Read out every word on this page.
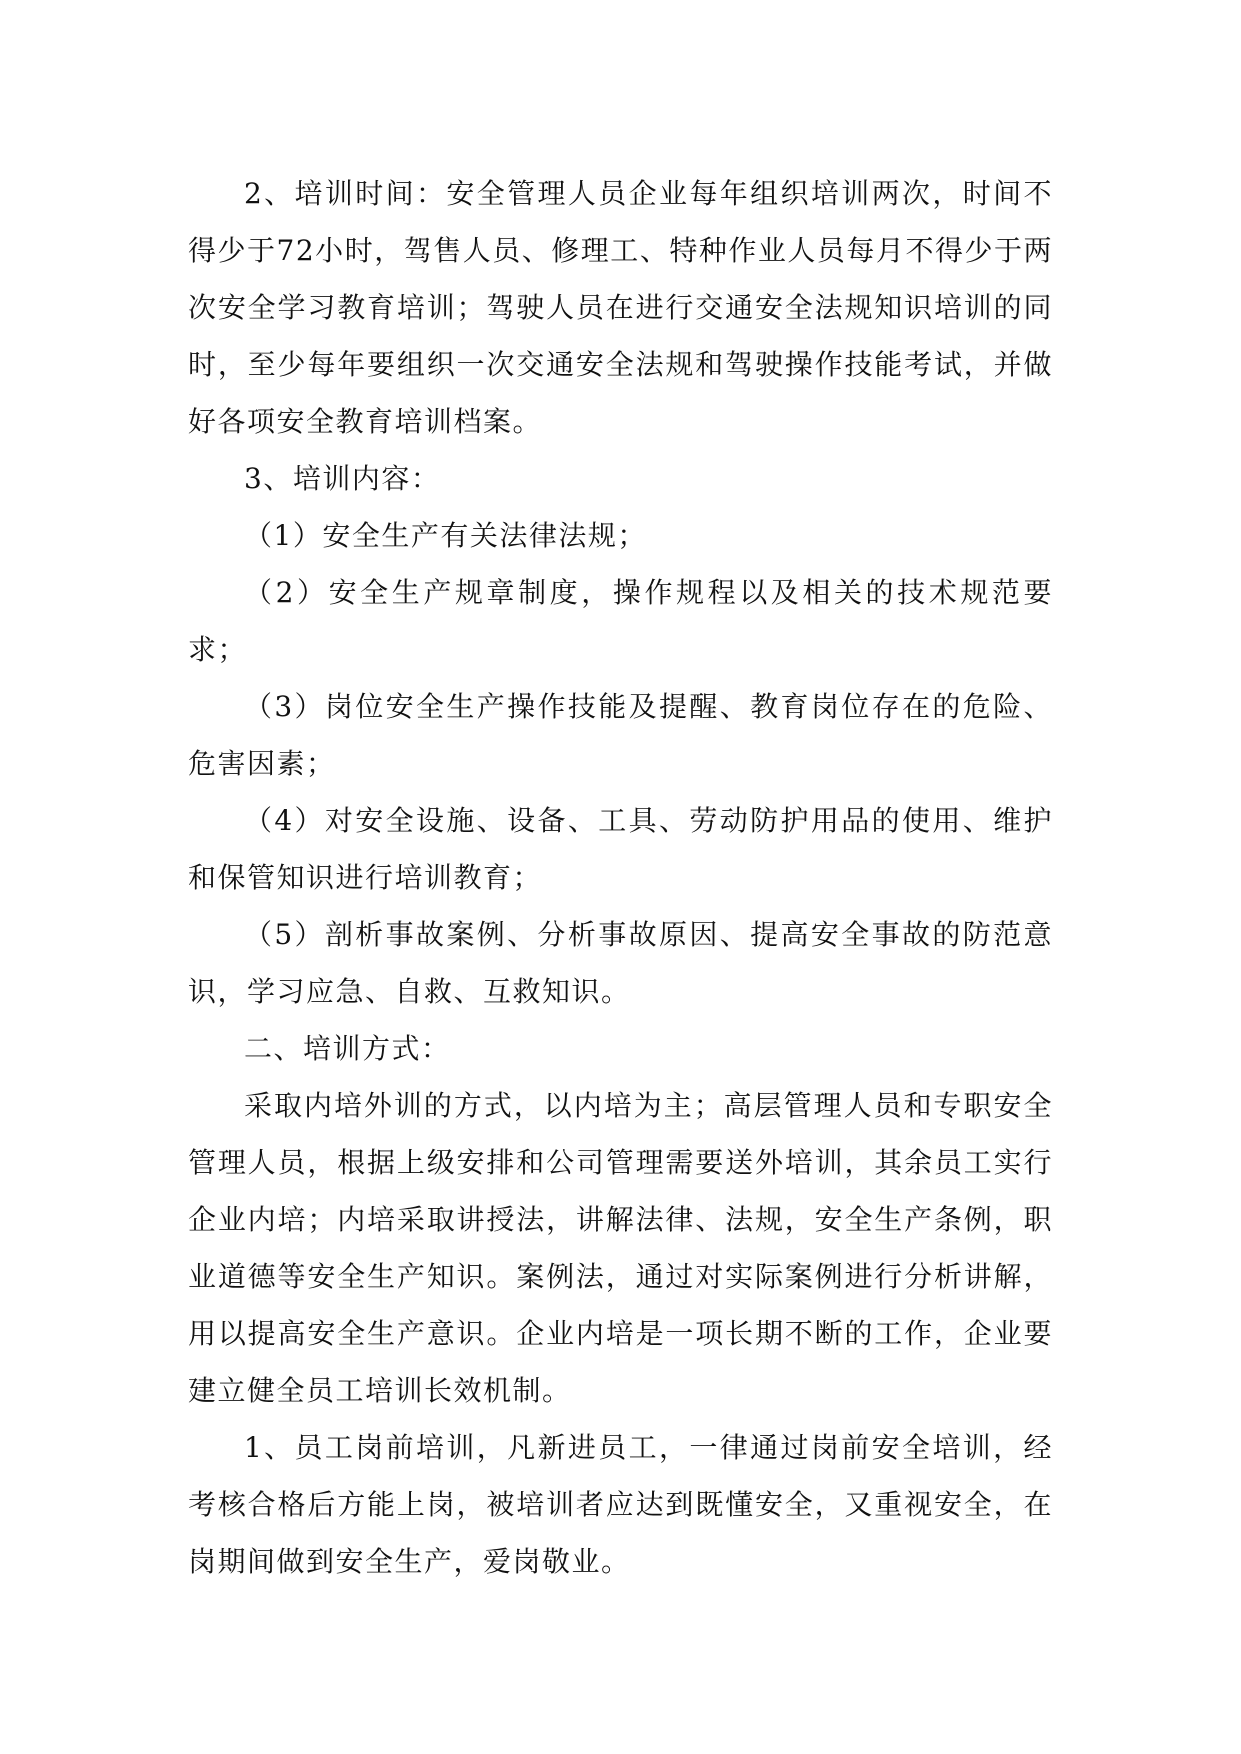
2、培训时间：安全管理人员企业每年组织培训两次，时间不得少于72小时，驾售人员、修理工、特种作业人员每月不得少于两次安全学习教育培训；驾驶人员在进行交通安全法规知识培训的同时，至少每年要组织一次交通安全法规和驾驶操作技能考试，并做好各项安全教育培训档案。

3、培训内容：

（1）安全生产有关法律法规；

（2）安全生产规章制度，操作规程以及相关的技术规范要求；

（3）岗位安全生产操作技能及提醒、教育岗位存在的危险、危害因素；

（4）对安全设施、设备、工具、劳动防护用品的使用、维护和保管知识进行培训教育；

（5）剖析事故案例、分析事故原因、提高安全事故的防范意识，学习应急、自救、互救知识。

二、培训方式：

采取内培外训的方式，以内培为主；高层管理人员和专职安全管理人员，根据上级安排和公司管理需要送外培训，其余员工实行企业内培；内培采取讲授法，讲解法律、法规，安全生产条例，职业道德等安全生产知识。案例法，通过对实际案例进行分析讲解，用以提高安全生产意识。企业内培是一项长期不断的工作，企业要建立健全员工培训长效机制。

1、员工岗前培训，凡新进员工，一律通过岗前安全培训，经考核合格后方能上岗，被培训者应达到既懂安全，又重视安全，在岗期间做到安全生产，爱岗敬业。
